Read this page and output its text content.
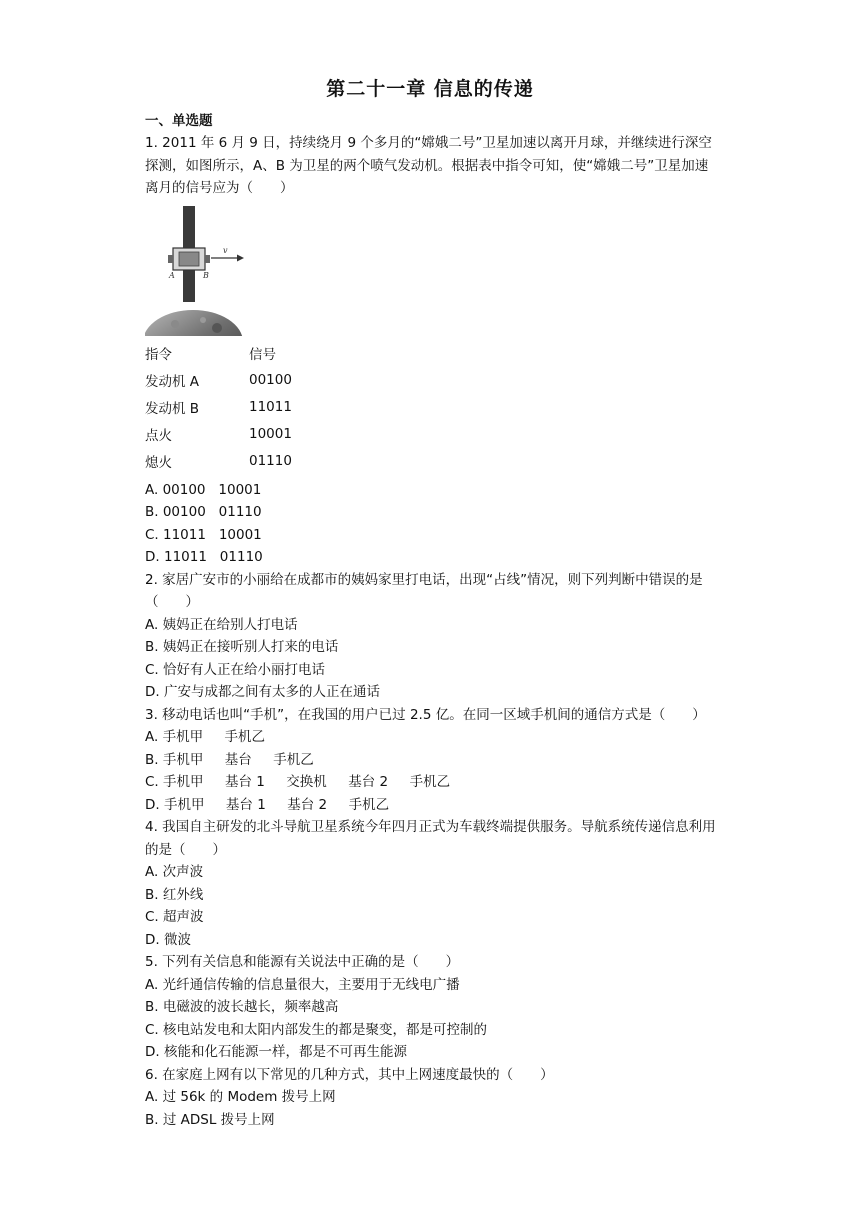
第二十一章 信息的传递
一、单选题
1. 2011 年 6 月 9 日，持续绕月 9 个多月的“嫦娥二号”卫星加速以离开月球，并继续进行深空探测，如图所示，A、B 为卫星的两个喷气发动机。根据表中指令可知，使“嫦娥二号”卫星加速离月的信号应为（　　）
v
A	B
指令	信号
发动机 A	00100
发动机 B	11011
点火	10001
熄火	01110
A. 00100   10001
B. 00100   01110
C. 11011   10001
D. 11011   01110
2. 家居广安市的小丽给在成都市的姨妈家里打电话，出现“占线”情况，则下列判断中错误的是（　　）
A. 姨妈正在给别人打电话
B. 姨妈正在接听别人打来的电话
C. 恰好有人正在给小丽打电话
D. 广安与成都之间有太多的人正在通话
3. 移动电话也叫“手机”，在我国的用户已过 2.5 亿。在同一区域手机间的通信方式是（　　）
A. 手机甲     手机乙
B. 手机甲     基台     手机乙
C. 手机甲     基台 1     交换机     基台 2     手机乙
D. 手机甲     基台 1     基台 2     手机乙
4. 我国自主研发的北斗导航卫星系统今年四月正式为车载终端提供服务。导航系统传递信息利用的是（　　）
A. 次声波
B. 红外线
C. 超声波
D. 微波
5. 下列有关信息和能源有关说法中正确的是（　　）
A. 光纤通信传输的信息量很大，主要用于无线电广播
B. 电磁波的波长越长，频率越高
C. 核电站发电和太阳内部发生的都是聚变，都是可控制的
D. 核能和化石能源一样，都是不可再生能源
6. 在家庭上网有以下常见的几种方式，其中上网速度最快的（　　）
A. 过 56k 的 Modem 拨号上网
B. 过 ADSL 拨号上网
